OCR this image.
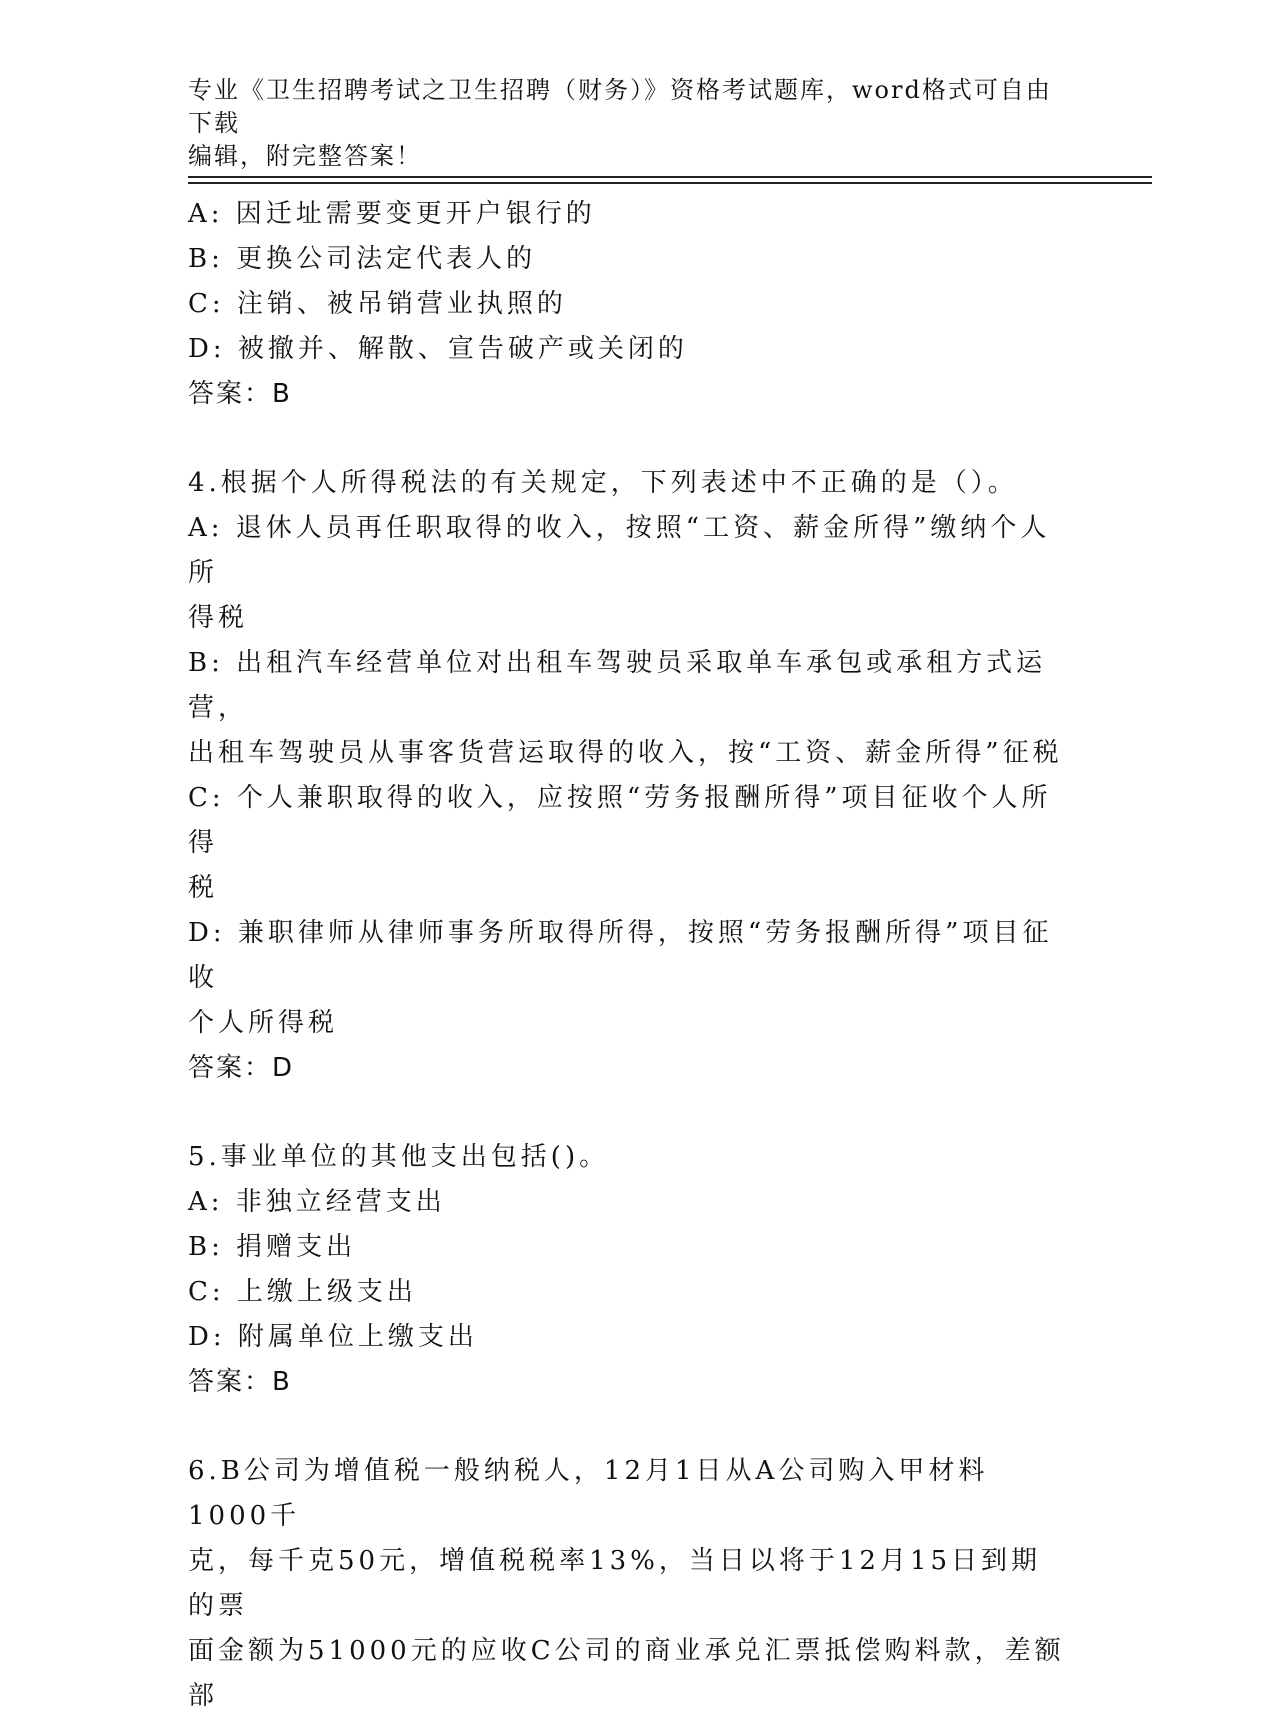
专业《卫生招聘考试之卫生招聘（财务）》资格考试题库，word格式可自由下载
编辑，附完整答案！
A: 因迁址需要变更开户银行的
B: 更换公司法定代表人的
C: 注销、被吊销营业执照的
D: 被撤并、解散、宣告破产或关闭的
答案：B
4.根据个人所得税法的有关规定，下列表述中不正确的是（）。
A: 退休人员再任职取得的收入，按照“工资、薪金所得”缴纳个人所
得税
B: 出租汽车经营单位对出租车驾驶员采取单车承包或承租方式运营，
出租车驾驶员从事客货营运取得的收入，按“工资、薪金所得”征税
C: 个人兼职取得的收入，应按照“劳务报酬所得”项目征收个人所得
税
D: 兼职律师从律师事务所取得所得，按照“劳务报酬所得”项目征收
个人所得税
答案：D
5.事业单位的其他支出包括()。
A: 非独立经营支出
B: 捐赠支出
C: 上缴上级支出
D: 附属单位上缴支出
答案：B
6.B公司为增值税一般纳税人，12月1日从A公司购入甲材料1000千
克，每千克50元，增值税税率13%，当日以将于12月15日到期的票
面金额为51000元的应收C公司的商业承兑汇票抵偿购料款，差额部
